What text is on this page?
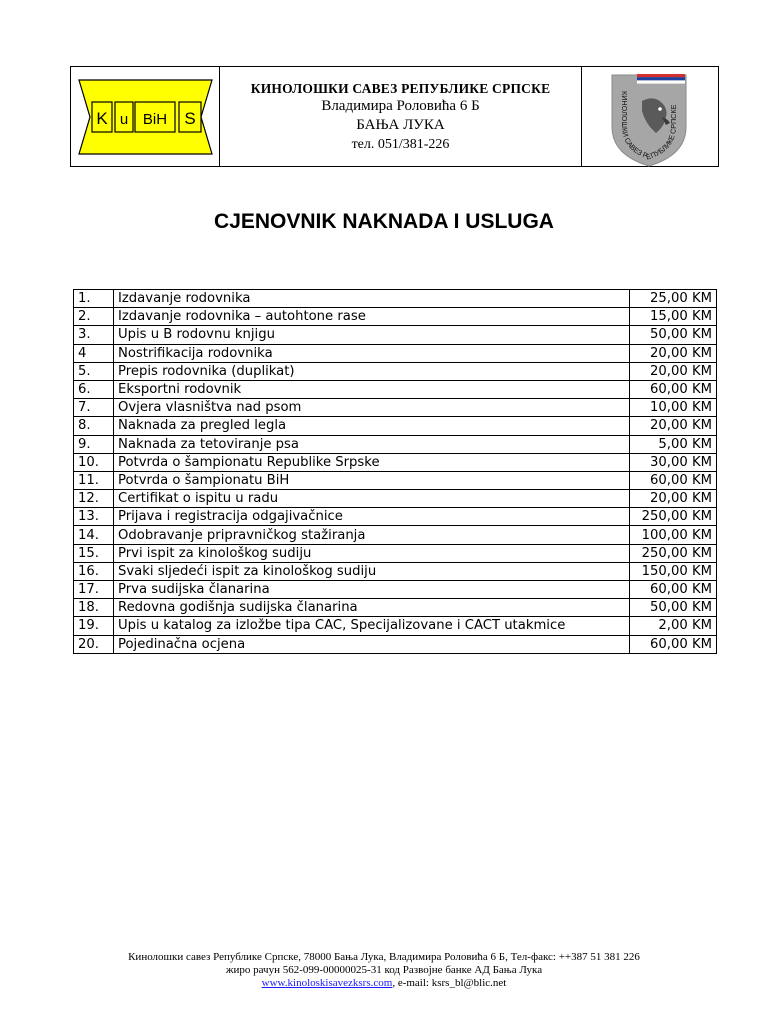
K u BiH S
КИНОЛОШКИ САВЕЗ РЕПУБЛИКЕ СРПСКЕ
Владимира Роловића 6 Б
БАЊА ЛУКА
тел. 051/381-226
КИНОЛОШКИ САВЕЗ РЕПУБЛИКЕ СРПСКЕ
CJENOVNIK NAKNADA I USLUGA
1.	Izdavanje rodovnika	25,00 KM
2.	Izdavanje rodovnika – autohtone rase	15,00 KM
3.	Upis u B rodovnu knjigu	50,00 KM
4	Nostrifikacija rodovnika	20,00 KM
5.	Prepis rodovnika (duplikat)	20,00 KM
6.	Eksportni rodovnik	60,00 KM
7.	Ovjera vlasništva nad psom	10,00 KM
8.	Naknada za pregled legla	20,00 KM
9.	Naknada za tetoviranje psa	5,00 KM
10.	Potvrda o šampionatu Republike Srpske	30,00 KM
11.	Potvrda o šampionatu BiH	60,00 KM
12.	Certifikat o ispitu u radu	20,00 KM
13.	Prijava i registracija odgajivačnice	250,00 KM
14.	Odobravanje pripravničkog stažiranja	100,00 KM
15.	Prvi ispit za kinološkog sudiju	250,00 KM
16.	Svaki sljedeći ispit za kinološkog sudiju	150,00 KM
17.	Prva sudijska članarina	60,00 KM
18.	Redovna godišnja sudijska članarina	50,00 KM
19.	Upis u katalog za izložbe tipa CAC, Specijalizovane i CACT utakmice	2,00 KM
20.	Pojedinačna ocjena	60,00 KM
Кинолошки савез Републике Српске, 78000 Бања Лука, Владимира Роловића 6 Б, Тел-факс: ++387 51 381 226
жиро рачун 562-099-00000025-31 код Развојне банке АД Бања Лука
www.kinoloskisavezksrs.com, e-mail: ksrs_bl@blic.net
